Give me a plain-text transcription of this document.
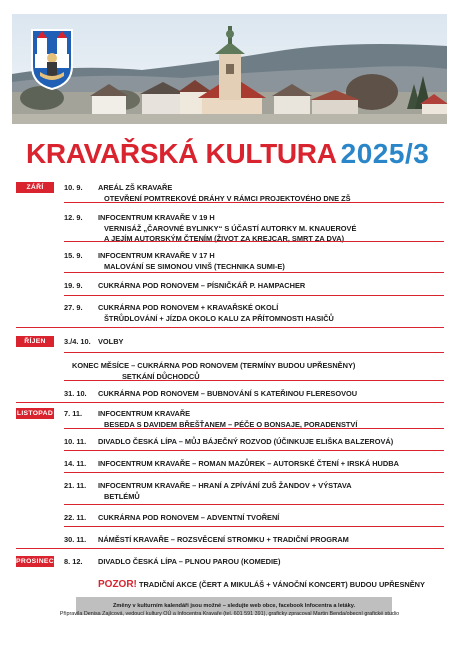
KRAVAŘSKÁ KULTURA 2025/3
ZÁŘÍ	10. 9.	AREÁL ZŠ KRAVAŘE
OTEVŘENÍ POMTREKOVÉ DRÁHY V RÁMCI PROJEKTOVÉHO DNE ZŠ
12. 9.	INFOCENTRUM KRAVAŘE V 19 H
VERNISÁŽ „ČAROVNÉ BYLINKY“ S ÚČASTÍ AUTORKY M. KNAUEROVÉ
A JEJÍM AUTORSKÝM ČTENÍM (ŽIVOT ZA KREJCAR, SMRT ZA DVA)
15. 9.	INFOCENTRUM KRAVAŘE V 17 H
MALOVÁNÍ SE SIMONOU VINŠ (TECHNIKA SUMI-E)
19. 9.	CUKRÁRNA POD RONOVEM – PÍSNIČKÁŘ P. HAMPACHER
27. 9.	CUKRÁRNA POD RONOVEM + KRAVAŘSKÉ OKOLÍ
ŠTRŮDLOVÁNÍ + JÍZDA OKOLO KALU ZA PŘÍTOMNOSTI HASIČŮ
ŘÍJEN	3./4. 10. VOLBY
KONEC MĚSÍCE – CUKRÁRNA POD RONOVEM (TERMÍNY BUDOU UPŘESNĚNY)
SETKÁNÍ DŮCHODCŮ
31. 10.	CUKRÁRNA POD RONOVEM – BUBNOVÁNÍ S KATEŘINOU FLERESOVOU
LISTOPAD 7. 11.	INFOCENTRUM KRAVAŘE
BESEDA S DAVIDEM BŘEŠŤANEM – PÉČE O BONSAJE, PORADENSTVÍ
10. 11.	DIVADLO ČESKÁ LÍPA – MŮJ BÁJEČNÝ ROZVOD (ÚČINKUJE ELIŠKA BALZEROVÁ)
14. 11.	INFOCENTRUM KRAVAŘE – ROMAN MAZŮREK – AUTORSKÉ ČTENÍ + IRSKÁ HUDBA
21. 11.	INFOCENTRUM KRAVAŘE – HRANÍ A ZPÍVÁNÍ ZUŠ ŽANDOV + VÝSTAVA
BETLÉMŮ
22. 11.	CUKRÁRNA POD RONOVEM – ADVENTNÍ TVOŘENÍ
30. 11.	NÁMĚSTÍ KRAVAŘE – ROZSVĚCENÍ STROMKU + TRADIČNÍ PROGRAM
PROSINEC 8. 12.	DIVADLO ČESKÁ LÍPA – PLNOU PAROU (KOMEDIE)
POZOR! TRADIČNÍ AKCE (ČERT A MIKULÁŠ + VÁNOČNÍ KONCERT) BUDOU UPŘESNĚNY
Změny v kulturním kalendáři jsou možné – sledujte web obce, facebook Infocentra a letáky.
Připravila Denisa Zajícová, vedoucí kultury OÚ a Infocentra Kravaře (tel. 601 591 391), graficky zpracoval Martin Benda/obecní grafické studio
